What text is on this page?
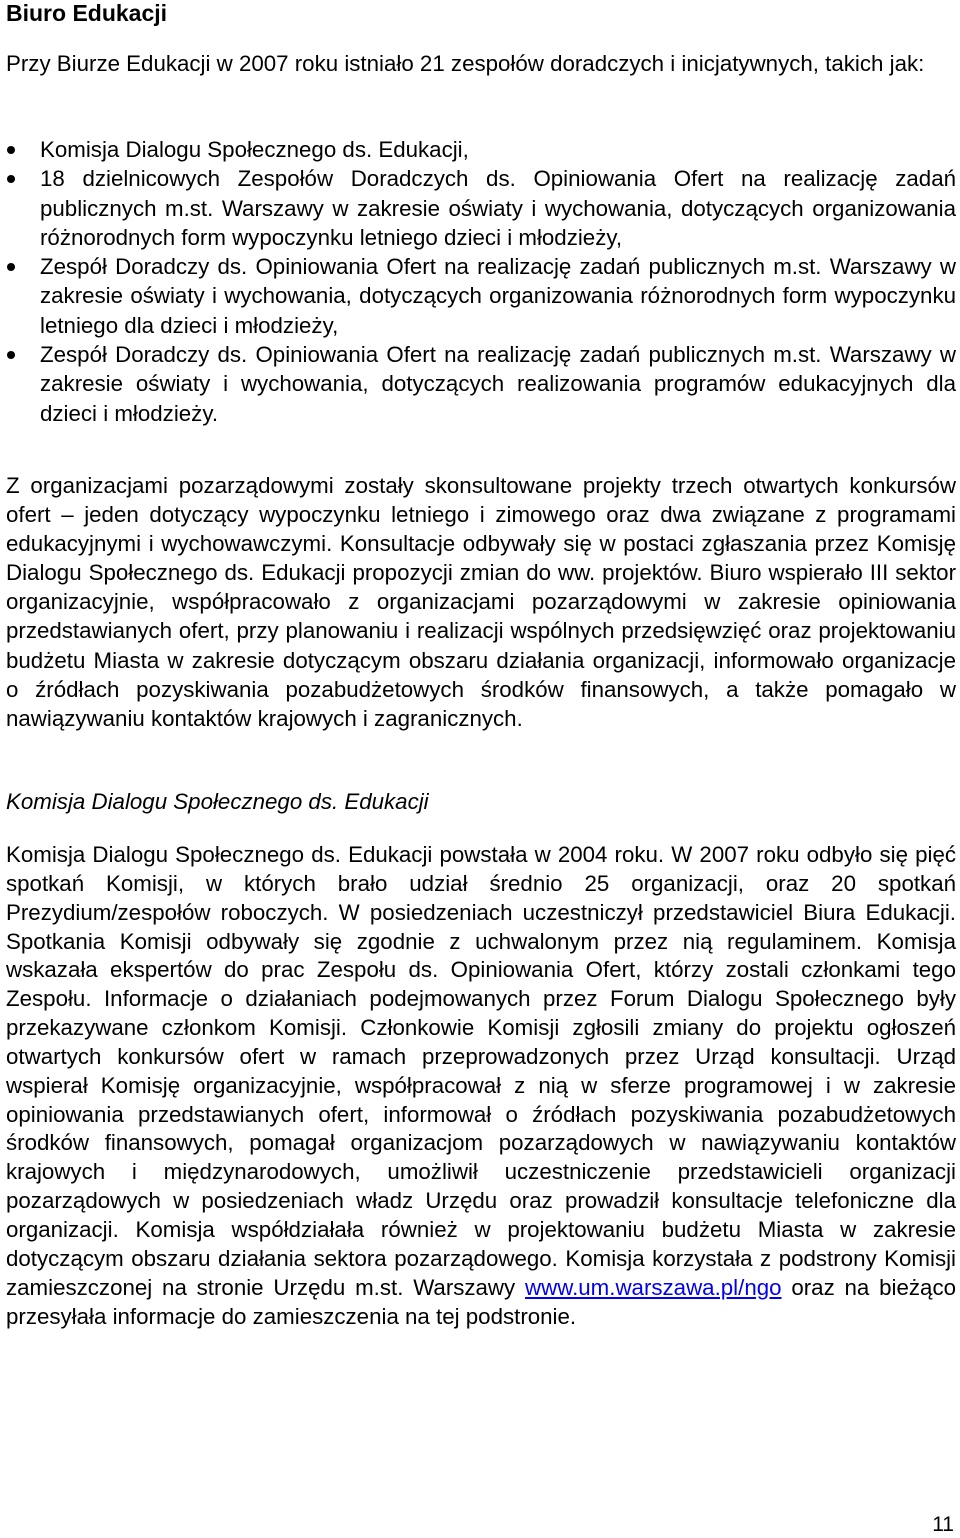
Biuro Edukacji

Przy Biurze Edukacji w 2007 roku istniało 21 zespołów doradczych i inicjatywnych, takich jak:

Komisja Dialogu Społecznego ds. Edukacji,
18 dzielnicowych Zespołów Doradczych ds. Opiniowania Ofert na realizację zadań publicznych m.st. Warszawy w zakresie oświaty i wychowania, dotyczących organizowania różnorodnych form wypoczynku letniego dzieci i młodzieży,
Zespół Doradczy ds. Opiniowania Ofert na realizację zadań publicznych m.st. Warszawy w zakresie oświaty i wychowania, dotyczących organizowania różnorodnych form wypoczynku letniego dla dzieci i młodzieży,
Zespół Doradczy ds. Opiniowania Ofert na realizację zadań publicznych m.st. Warszawy w zakresie oświaty i wychowania, dotyczących realizowania programów edukacyjnych dla dzieci i młodzieży.

Z organizacjami pozarządowymi zostały skonsultowane projekty trzech otwartych konkursów ofert – jeden dotyczący wypoczynku letniego i zimowego oraz dwa związane z programami edukacyjnymi i wychowawczymi. Konsultacje odbywały się w postaci zgłaszania przez Komisję Dialogu Społecznego ds. Edukacji propozycji zmian do ww. projektów. Biuro wspierało III sektor organizacyjnie, współpracowało z organizacjami pozarządowymi w zakresie opiniowania przedstawianych ofert, przy planowaniu i realizacji wspólnych przedsięwzięć oraz projektowaniu budżetu Miasta w zakresie dotyczącym obszaru działania organizacji, informowało organizacje o źródłach pozyskiwania pozabudżetowych środków finansowych, a także pomagało w nawiązywaniu kontaktów krajowych i zagranicznych.

Komisja Dialogu Społecznego ds. Edukacji

Komisja Dialogu Społecznego ds. Edukacji powstała w 2004 roku. W 2007 roku odbyło się pięć spotkań Komisji, w których brało udział średnio 25 organizacji, oraz 20 spotkań Prezydium/zespołów roboczych. W posiedzeniach uczestniczył przedstawiciel Biura Edukacji. Spotkania Komisji odbywały się zgodnie z uchwalonym przez nią regulaminem. Komisja wskazała ekspertów do prac Zespołu ds. Opiniowania Ofert, którzy zostali członkami tego Zespołu. Informacje o działaniach podejmowanych przez Forum Dialogu Społecznego były przekazywane członkom Komisji. Członkowie Komisji zgłosili zmiany do projektu ogłoszeń otwartych konkursów ofert w ramach przeprowadzonych przez Urząd konsultacji. Urząd wspierał Komisję organizacyjnie, współpracował z nią w sferze programowej i w zakresie opiniowania przedstawianych ofert, informował o źródłach pozyskiwania pozabudżetowych środków finansowych, pomagał organizacjom pozarządowych w nawiązywaniu kontaktów krajowych i międzynarodowych, umożliwił uczestniczenie przedstawicieli organizacji pozarządowych w posiedzeniach władz Urzędu oraz prowadził konsultacje telefoniczne dla organizacji. Komisja współdziałała również w projektowaniu budżetu Miasta w zakresie dotyczącym obszaru działania sektora pozarządowego. Komisja korzystała z podstrony Komisji zamieszczonej na stronie Urzędu m.st. Warszawy www.um.warszawa.pl/ngo oraz na bieżąco przesyłała informacje do zamieszczenia na tej podstronie.

11
